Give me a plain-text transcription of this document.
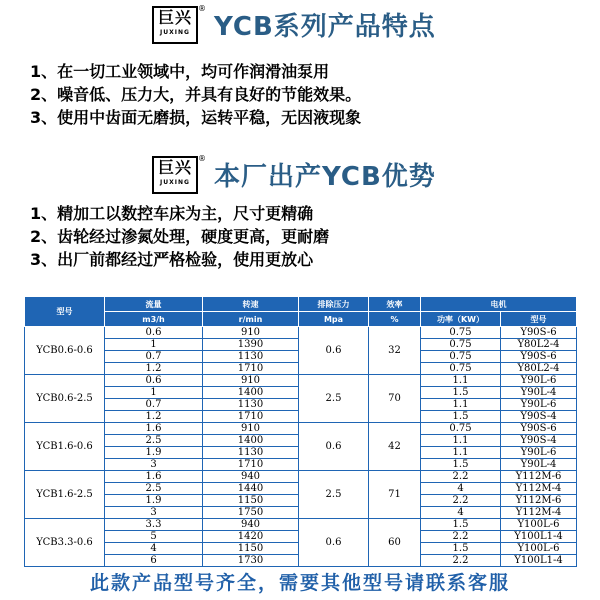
巨兴
JUXING
®
YCB系列产品特点
1、在一切工业领域中，均可作润滑油泵用
2、噪音低、压力大，并具有良好的节能效果。
3、使用中齿面无磨损，运转平稳，无因液现象
巨兴
JUXING
®
本厂出产YCB优势
1、精加工以数控车床为主，尺寸更精确
2、齿轮经过渗氮处理，硬度更高，更耐磨
3、出厂前都经过严格检验，使用更放心
型号	流量	转速	排除压力	效率	电机	
	m3/h	r/min	Mpa	%	功率（KW）	型号
YCB0.6-0.6	0.6	910	0.6	32	0.75	Y90S-6
	1	1390			0.75	Y80L2-4
	0.7	1130			0.75	Y90S-6
	1.2	1710			0.75	Y80L2-4
YCB0.6-2.5	0.6	910	2.5	70	1.1	Y90L-6
	1	1400			1.5	Y90L-4
	0.7	1130			1.1	Y90L-6
	1.2	1710			1.5	Y90S-4
YCB1.6-0.6	1.6	910	0.6	42	0.75	Y90S-6
	2.5	1400			1.1	Y90S-4
	1.9	1130			1.1	Y90L-6
	3	1710			1.5	Y90L-4
YCB1.6-2.5	1.6	940	2.5	71	2.2	Y112M-6
	2.5	1440			4	Y112M-4
	1.9	1150			2.2	Y112M-6
	3	1750			4	Y112M-4
YCB3.3-0.6	3.3	940	0.6	60	1.5	Y100L-6
	5	1420			2.2	Y100L1-4
	4	1150			1.5	Y100L-6
	6	1730			2.2	Y100L1-4
此款产品型号齐全，需要其他型号请联系客服
